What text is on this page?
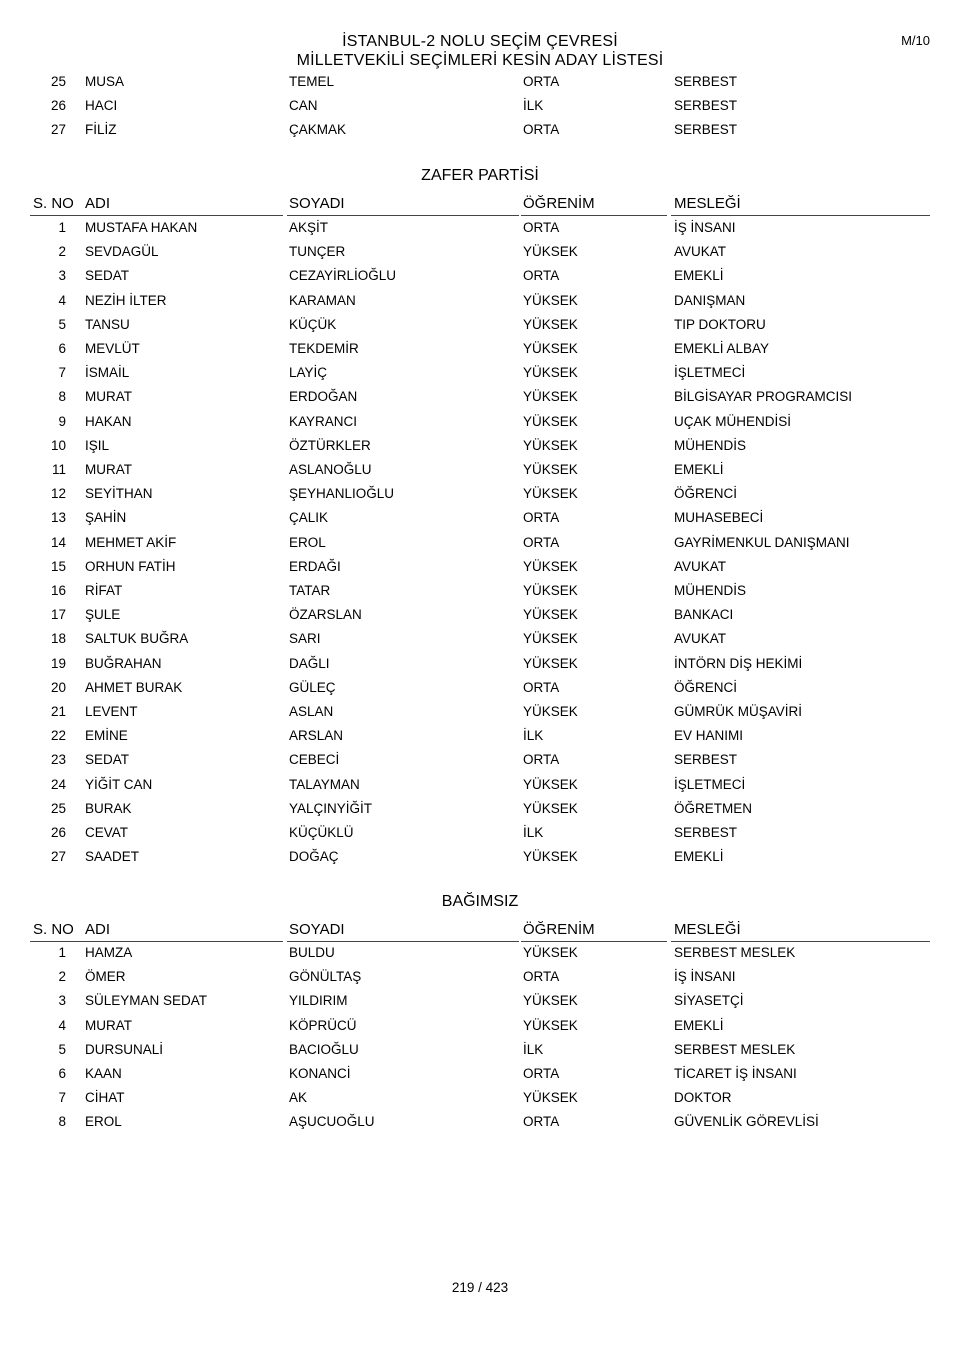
İSTANBUL-2 NOLU SEÇİM ÇEVRESİ
MİLLETVEKİLİ SEÇİMLERİ KESİN ADAY LİSTESİ
M/10
25 MUSA	TEMEL	ORTA	SERBEST
26 HACI	CAN	İLK	SERBEST
27 FİLİZ	ÇAKMAK	ORTA	SERBEST
ZAFER PARTİSİ
S. NO ADI	SOYADI	ÖĞRENİM	MESLEĞİ
1 MUSTAFA HAKAN	AKŞİT	ORTA	İŞ İNSANI
2 SEVDAGÜL	TUNÇER	YÜKSEK	AVUKAT
3 SEDAT	CEZAYİRLİOĞLU	ORTA	EMEKLİ
4 NEZİH İLTER	KARAMAN	YÜKSEK	DANIŞMAN
5 TANSU	KÜÇÜK	YÜKSEK	TIP DOKTORU
6 MEVLÜT	TEKDEMİR	YÜKSEK	EMEKLİ ALBAY
7 İSMAİL	LAYİÇ	YÜKSEK	İŞLETMECİ
8 MURAT	ERDOĞAN	YÜKSEK	BİLGİSAYAR PROGRAMCISI
9 HAKAN	KAYRANCI	YÜKSEK	UÇAK MÜHENDİSİ
10 IŞIL	ÖZTÜRKLER	YÜKSEK	MÜHENDİS
11 MURAT	ASLANOĞLU	YÜKSEK	EMEKLİ
12 SEYİTHAN	ŞEYHANLIOĞLU	YÜKSEK	ÖĞRENCİ
13 ŞAHİN	ÇALIK	ORTA	MUHASEBECİ
14 MEHMET AKİF	EROL	ORTA	GAYRİMENKUL DANIŞMANI
15 ORHUN FATİH	ERDAĞI	YÜKSEK	AVUKAT
16 RİFAT	TATAR	YÜKSEK	MÜHENDİS
17 ŞULE	ÖZARSLAN	YÜKSEK	BANKACI
18 SALTUK BUĞRA	SARI	YÜKSEK	AVUKAT
19 BUĞRAHAN	DAĞLI	YÜKSEK	İNTÖRN DİŞ HEKİMİ
20 AHMET BURAK	GÜLEÇ	ORTA	ÖĞRENCİ
21 LEVENT	ASLAN	YÜKSEK	GÜMRÜK MÜŞAVİRİ
22 EMİNE	ARSLAN	İLK	EV HANIMI
23 SEDAT	CEBECİ	ORTA	SERBEST
24 YİĞİT CAN	TALAYMAN	YÜKSEK	İŞLETMECİ
25 BURAK	YALÇINYİĞİT	YÜKSEK	ÖĞRETMEN
26 CEVAT	KÜÇÜKLÜ	İLK	SERBEST
27 SAADET	DOĞAÇ	YÜKSEK	EMEKLİ
BAĞIMSIZ
S. NO ADI	SOYADI	ÖĞRENİM	MESLEĞİ
1 HAMZA	BULDU	YÜKSEK	SERBEST MESLEK
2 ÖMER	GÖNÜLTAŞ	ORTA	İŞ İNSANI
3 SÜLEYMAN SEDAT	YILDIRIM	YÜKSEK	SİYASETÇİ
4 MURAT	KÖPRÜCÜ	YÜKSEK	EMEKLİ
5 DURSUNALİ	BACIOĞLU	İLK	SERBEST MESLEK
6 KAAN	KONANCİ	ORTA	TİCARET İŞ İNSANI
7 CİHAT	AK	YÜKSEK	DOKTOR
8 EROL	AŞUCUOĞLU	ORTA	GÜVENLİK GÖREVLİSİ
219 / 423
